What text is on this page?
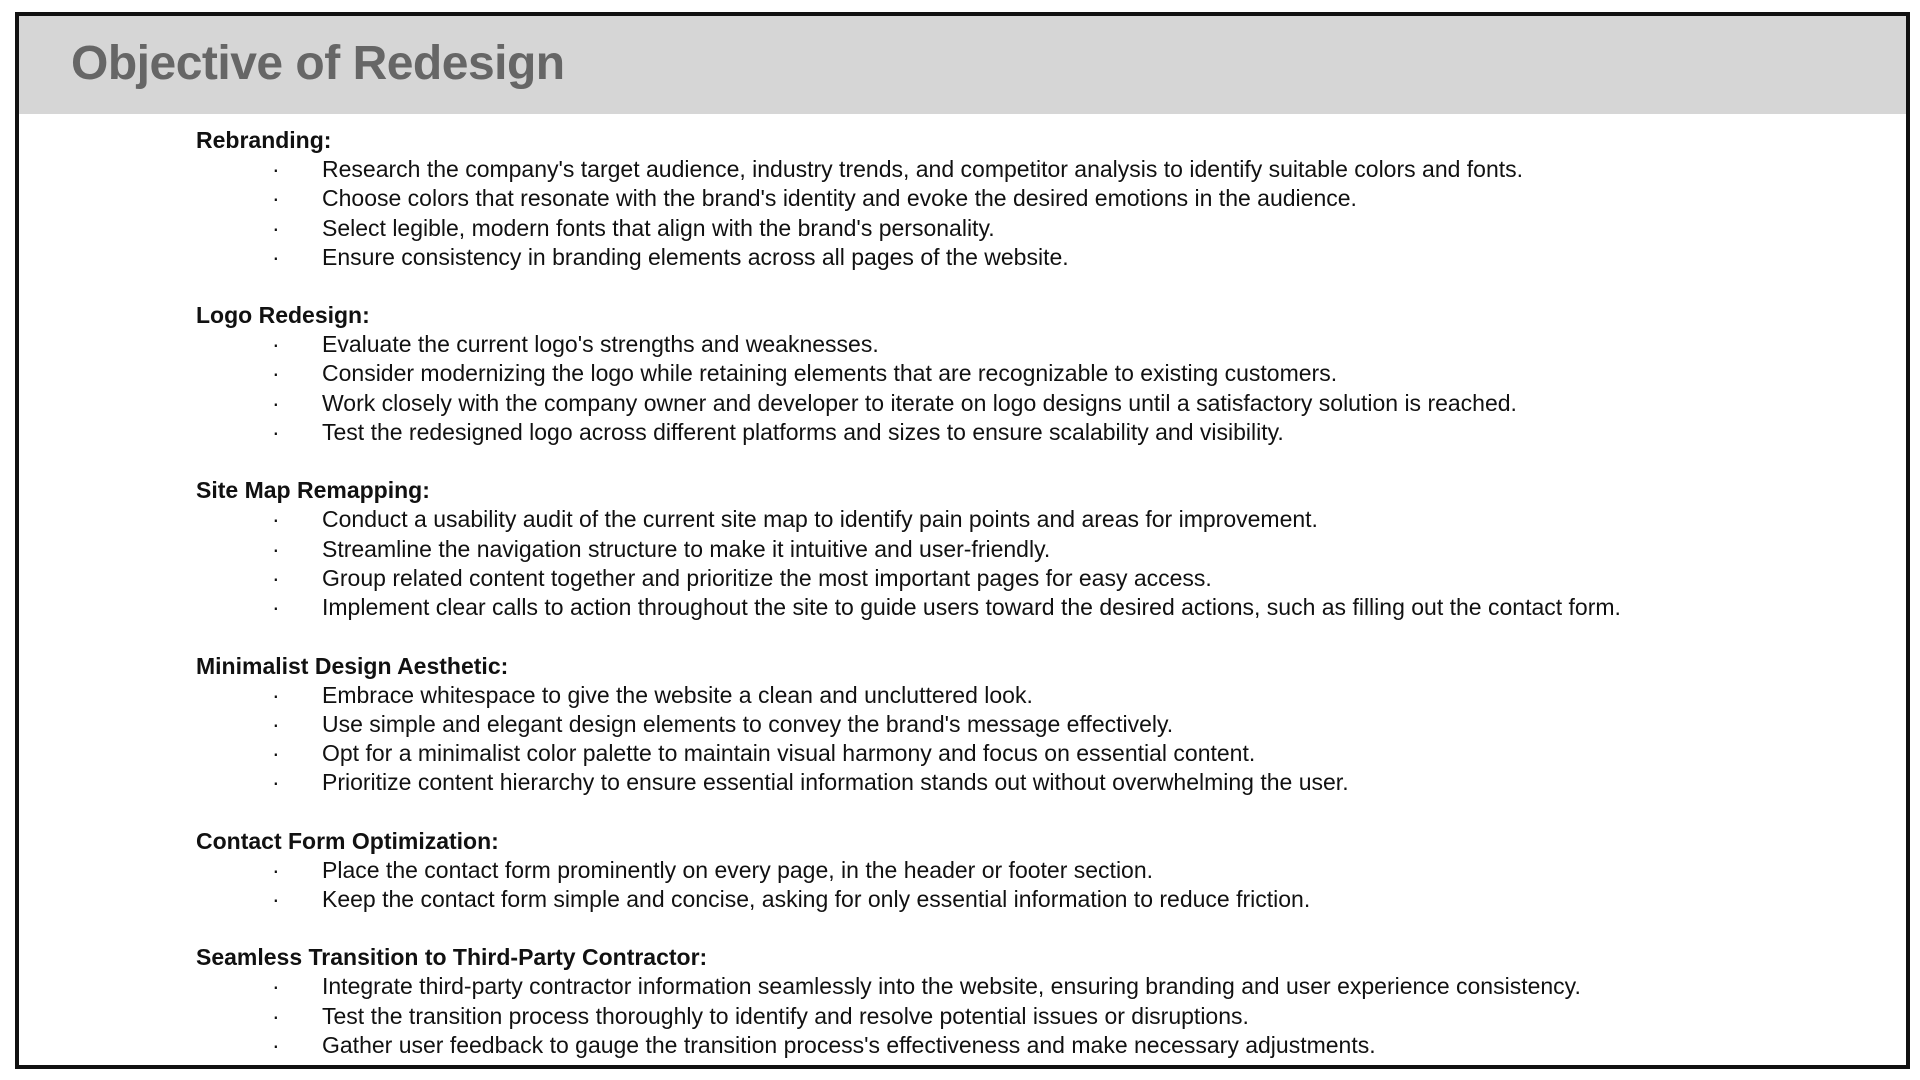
Objective of Redesign
Rebranding:
· Research the company's target audience, industry trends, and competitor analysis to identify suitable colors and fonts.
· Choose colors that resonate with the brand's identity and evoke the desired emotions in the audience.
· Select legible, modern fonts that align with the brand's personality.
· Ensure consistency in branding elements across all pages of the website.
Logo Redesign:
· Evaluate the current logo's strengths and weaknesses.
· Consider modernizing the logo while retaining elements that are recognizable to existing customers.
· Work closely with the company owner and developer to iterate on logo designs until a satisfactory solution is reached.
· Test the redesigned logo across different platforms and sizes to ensure scalability and visibility.
Site Map Remapping:
· Conduct a usability audit of the current site map to identify pain points and areas for improvement.
· Streamline the navigation structure to make it intuitive and user-friendly.
· Group related content together and prioritize the most important pages for easy access.
· Implement clear calls to action throughout the site to guide users toward the desired actions, such as filling out the contact form.
Minimalist Design Aesthetic:
· Embrace whitespace to give the website a clean and uncluttered look.
· Use simple and elegant design elements to convey the brand's message effectively.
· Opt for a minimalist color palette to maintain visual harmony and focus on essential content.
· Prioritize content hierarchy to ensure essential information stands out without overwhelming the user.
Contact Form Optimization:
· Place the contact form prominently on every page, in the header or footer section.
· Keep the contact form simple and concise, asking for only essential information to reduce friction.
Seamless Transition to Third-Party Contractor:
· Integrate third-party contractor information seamlessly into the website, ensuring branding and user experience consistency.
· Test the transition process thoroughly to identify and resolve potential issues or disruptions.
· Gather user feedback to gauge the transition process's effectiveness and make necessary adjustments.
